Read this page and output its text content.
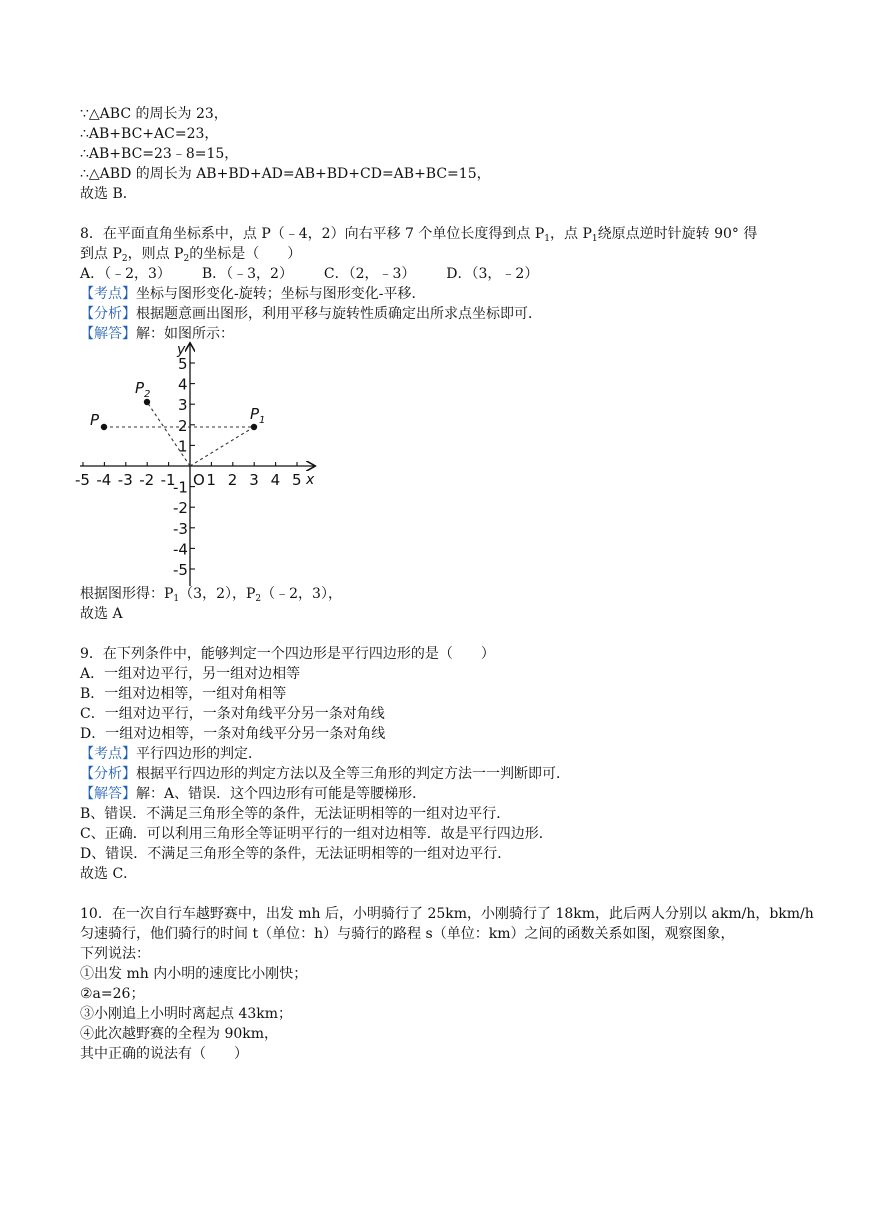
∵△ABC 的周长为 23，
∴AB+BC+AC=23，
∴AB+BC=23﹣8=15，
∴△ABD 的周长为 AB+BD+AD=AB+BD+CD=AB+BC=15，
故选 B．
8．在平面直角坐标系中，点 P（﹣4，2）向右平移 7 个单位长度得到点 $P_1$，点 $P_1$绕原点逆时针旋转 90° 得
到点 $P_2$，则点 $P_2$的坐标是（　　）
A．（﹣2，3） B．（﹣3，2） C．（2，﹣3） D．（3，﹣2）
【考点】坐标与图形变化-旋转；坐标与图形变化-平移．
【分析】根据题意画出图形，利用平移与旋转性质确定出所求点坐标即可．
【解答】解：如图所示：
-5 -4 -3 -2 -1 1 2 3 4 5
5
4
3
2
1
-1
-2
-3
-4
-5
x
y
O
P	$P_1$
$P_2$
根据图形得：$P_1(3$，2），$P_2(﹣2$，3），
故选 A
9．在下列条件中，能够判定一个四边形是平行四边形的是（　　）
A．一组对边平行，另一组对边相等
B．一组对边相等，一组对角相等
C．一组对边平行，一条对角线平分另一条对角线
D．一组对边相等，一条对角线平分另一条对角线
【考点】平行四边形的判定．
【分析】根据平行四边形的判定方法以及全等三角形的判定方法一一判断即可．
【解答】解：A、错误．这个四边形有可能是等腰梯形．
B、错误．不满足三角形全等的条件，无法证明相等的一组对边平行．
C、正确．可以利用三角形全等证明平行的一组对边相等．故是平行四边形．
D、错误．不满足三角形全等的条件，无法证明相等的一组对边平行．
故选 C．
10．在一次自行车越野赛中，出发 mh 后，小明骑行了 25km，小刚骑行了 18km，此后两人分别以 akm/h，bkm/h
匀速骑行，他们骑行的时间 t（单位：h）与骑行的路程 s（单位：km）之间的函数关系如图，观察图象，
下列说法：
①出发 mh 内小明的速度比小刚快；
②a=26；
③小刚追上小明时离起点 43km；
④此次越野赛的全程为 90km，
其中正确的说法有（　　）
